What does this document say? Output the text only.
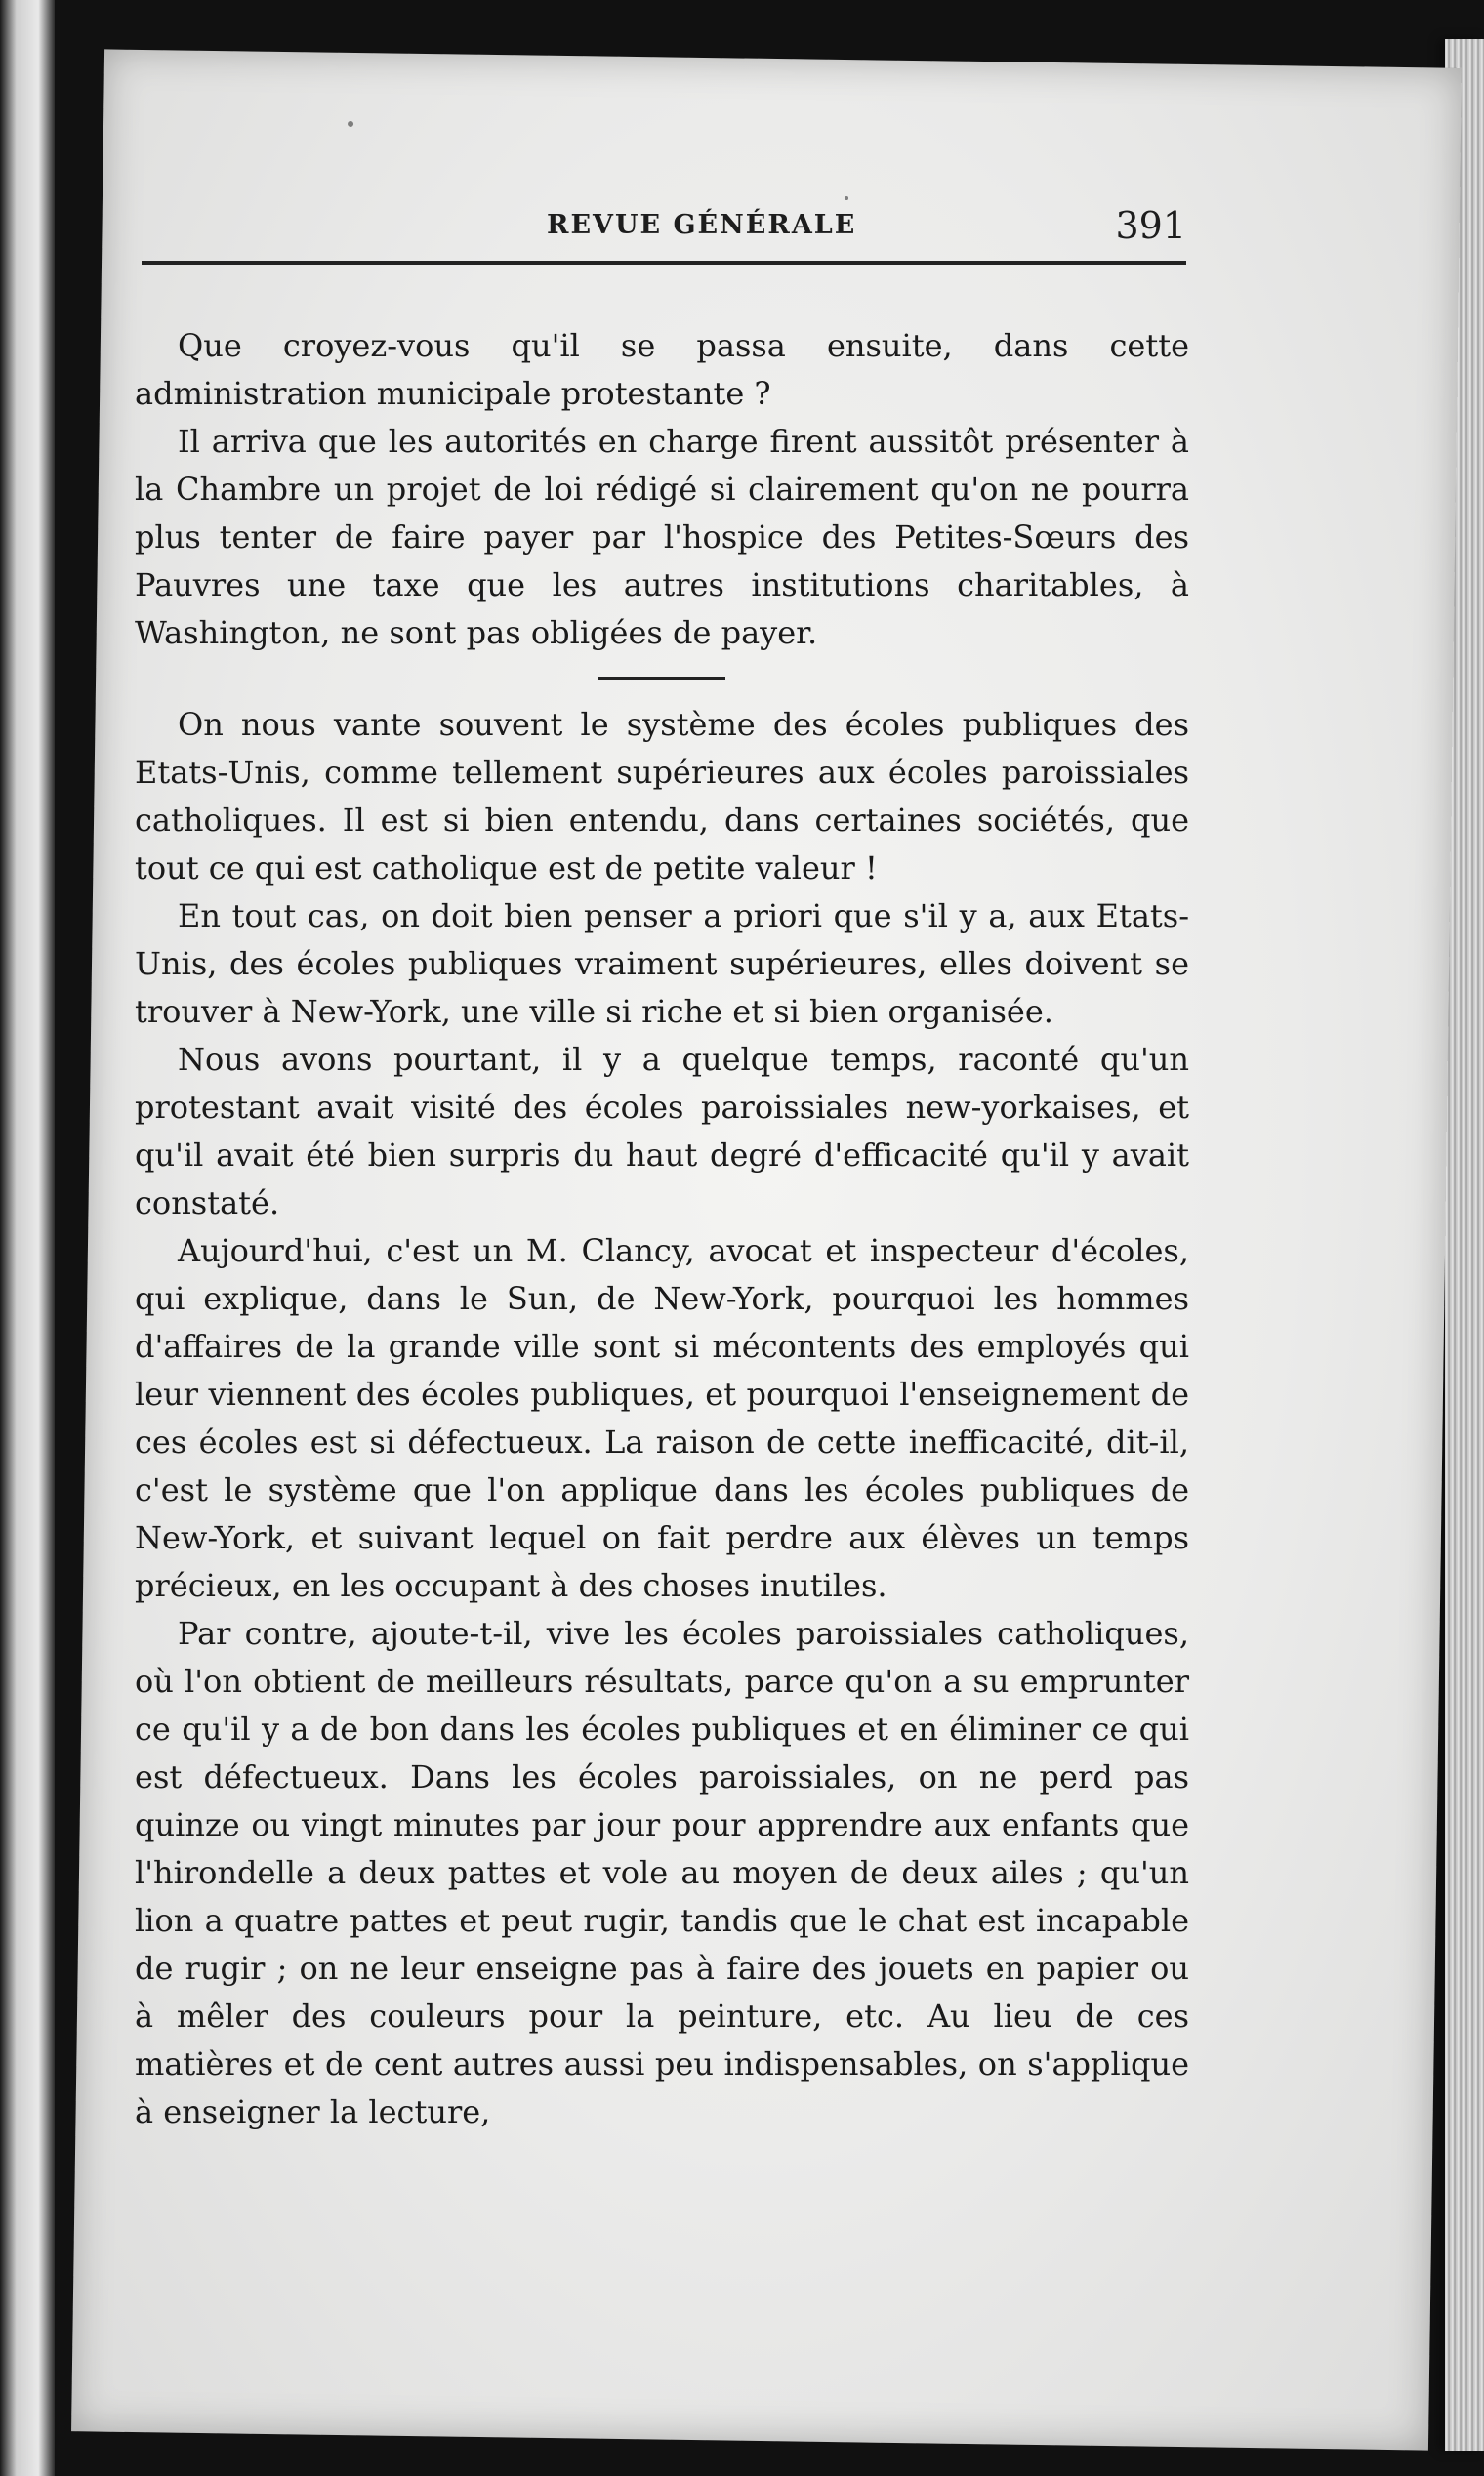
REVUE GÉNÉRALE	391

Que croyez-vous qu'il se passa ensuite, dans cette administration municipale protestante ?

Il arriva que les autorités en charge firent aussitôt présenter à la Chambre un projet de loi rédigé si clairement qu'on ne pourra plus tenter de faire payer par l'hospice des Petites-Sœurs des Pauvres une taxe que les autres institutions charitables, à Washington, ne sont pas obligées de payer.

On nous vante souvent le système des écoles publiques des Etats-Unis, comme tellement supérieures aux écoles paroissiales catholiques. Il est si bien entendu, dans certaines sociétés, que tout ce qui est catholique est de petite valeur !

En tout cas, on doit bien penser a priori que s'il y a, aux Etats-Unis, des écoles publiques vraiment supérieures, elles doivent se trouver à New-York, une ville si riche et si bien organisée.

Nous avons pourtant, il y a quelque temps, raconté qu'un protestant avait visité des écoles paroissiales new-yorkaises, et qu'il avait été bien surpris du haut degré d'efficacité qu'il y avait constaté.

Aujourd'hui, c'est un M. Clancy, avocat et inspecteur d'écoles, qui explique, dans le Sun, de New-York, pourquoi les hommes d'affaires de la grande ville sont si mécontents des employés qui leur viennent des écoles publiques, et pourquoi l'enseignement de ces écoles est si défectueux. La raison de cette inefficacité, dit-il, c'est le système que l'on applique dans les écoles publiques de New-York, et suivant lequel on fait perdre aux élèves un temps précieux, en les occupant à des choses inutiles.

Par contre, ajoute-t-il, vive les écoles paroissiales catholiques, où l'on obtient de meilleurs résultats, parce qu'on a su emprunter ce qu'il y a de bon dans les écoles publiques et en éliminer ce qui est défectueux. Dans les écoles paroissiales, on ne perd pas quinze ou vingt minutes par jour pour apprendre aux enfants que l'hirondelle a deux pattes et vole au moyen de deux ailes ; qu'un lion a quatre pattes et peut rugir, tandis que le chat est incapable de rugir ; on ne leur enseigne pas à faire des jouets en papier ou à mêler des couleurs pour la peinture, etc. Au lieu de ces matières et de cent autres aussi peu indispensables, on s'applique à enseigner la lecture,
